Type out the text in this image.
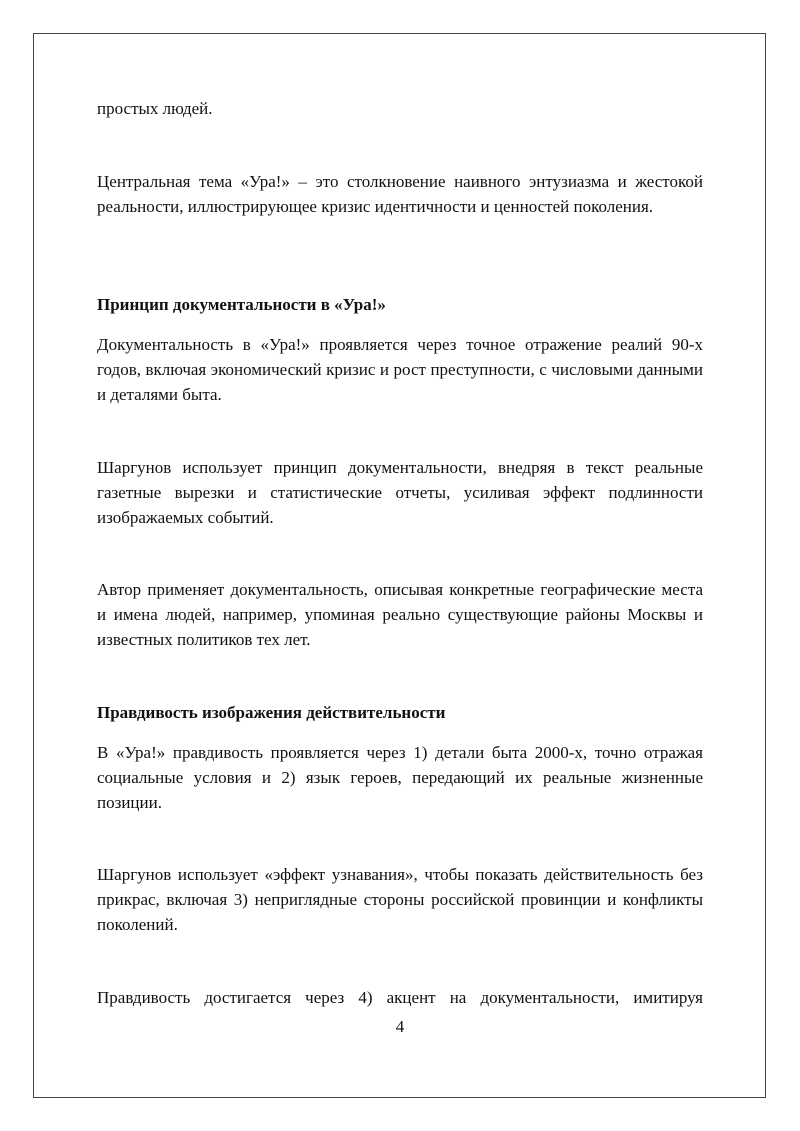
простых людей.

Центральная тема «Ура!» – это столкновение наивного энтузиазма и жестокой реальности, иллюстрирующее кризис идентичности и ценностей поколения.

Принцип документальности в «Ура!»

Документальность в «Ура!» проявляется через точное отражение реалий 90-х годов, включая экономический кризис и рост преступности, с числовыми данными и деталями быта.

Шаргунов использует принцип документальности, внедряя в текст реальные газетные вырезки и статистические отчеты, усиливая эффект подлинности изображаемых событий.

Автор применяет документальность, описывая конкретные географические места и имена людей, например, упоминая реально существующие районы Москвы и известных политиков тех лет.

Правдивость изображения действительности

В «Ура!» правдивость проявляется через 1) детали быта 2000-х, точно отражая социальные условия и 2) язык героев, передающий их реальные жизненные позиции.

Шаргунов использует «эффект узнавания», чтобы показать действительность без прикрас, включая 3) неприглядные стороны российской провинции и конфликты поколений.

Правдивость достигается через 4) акцент на документальности, имитируя

4
